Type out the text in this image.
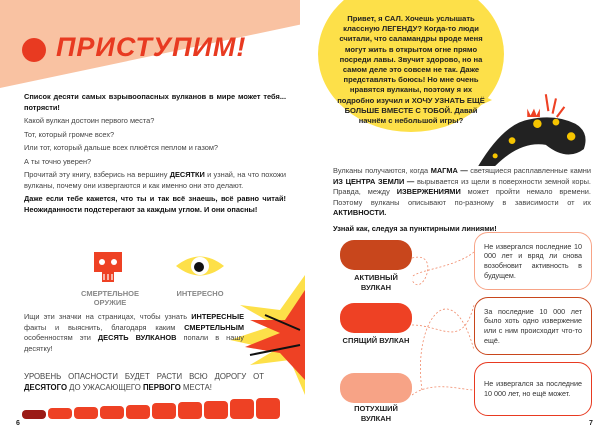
ПРИСТУПИМ!
Список десяти самых взрывоопасных вулканов в мире может тебя... потрясти!
Какой вулкан достоин первого места?
Тот, который громче всех?
Или тот, который дальше всех плюётся пеплом и газом?
А ты точно уверен?
Прочитай эту книгу, взберись на вершину ДЕСЯТКИ и узнай, на что похожи вулканы, почему они извергаются и как именно они это делают.
Даже если тебе кажется, что ты и так всё знаешь, всё равно читай! Неожиданности подстерегают за каждым углом. И они опасны!
СМЕРТЕЛЬНОЕ ОРУЖИЕ
ИНТЕРЕСНО
Ищи эти значки на страницах, чтобы узнать ИНТЕРЕСНЫЕ факты и выяснить, благодаря каким СМЕРТЕЛЬНЫМ особенностям эти ДЕСЯТЬ ВУЛКАНОВ попали в нашу десятку!
УРОВЕНЬ ОПАСНОСТИ БУДЕТ РАСТИ ВСЮ ДОРОГУ ОТ ДЕСЯТОГО ДО УЖАСАЮЩЕГО ПЕРВОГО МЕСТА!
6
Привет, я САЛ. Хочешь услышать классную ЛЕГЕНДУ? Когда-то люди считали, что саламандры вроде меня могут жить в открытом огне прямо посреди лавы. Звучит здорово, но на самом деле это совсем не так. Даже представлять боюсь! Но мне очень нравятся вулканы, поэтому я их подробно изучил и ХОЧУ УЗНАТЬ ЕЩЁ БОЛЬШЕ ВМЕСТЕ С ТОБОЙ. Давай начнём с небольшой игры?
Вулканы получаются, когда МАГМА — светящиеся расплавленные камни ИЗ ЦЕНТРА ЗЕМЛИ — вырывается из щели в поверхности земной коры. Правда, между ИЗВЕРЖЕНИЯМИ может пройти немало времени. Поэтому вулканы описывают по-разному в зависимости от их АКТИВНОСТИ.
Узнай как, следуя за пунктирными линиями!
АКТИВНЫЙ ВУЛКАН
СПЯЩИЙ ВУЛКАН
ПОТУХШИЙ ВУЛКАН
Не извергался последние 10 000 лет и вряд ли снова возобновит активность в будущем.
За последние 10 000 лет было хоть одно извержение или с ним происходит что-то ещё.
Не извергался за последние 10 000 лет, но ещё может.
7
